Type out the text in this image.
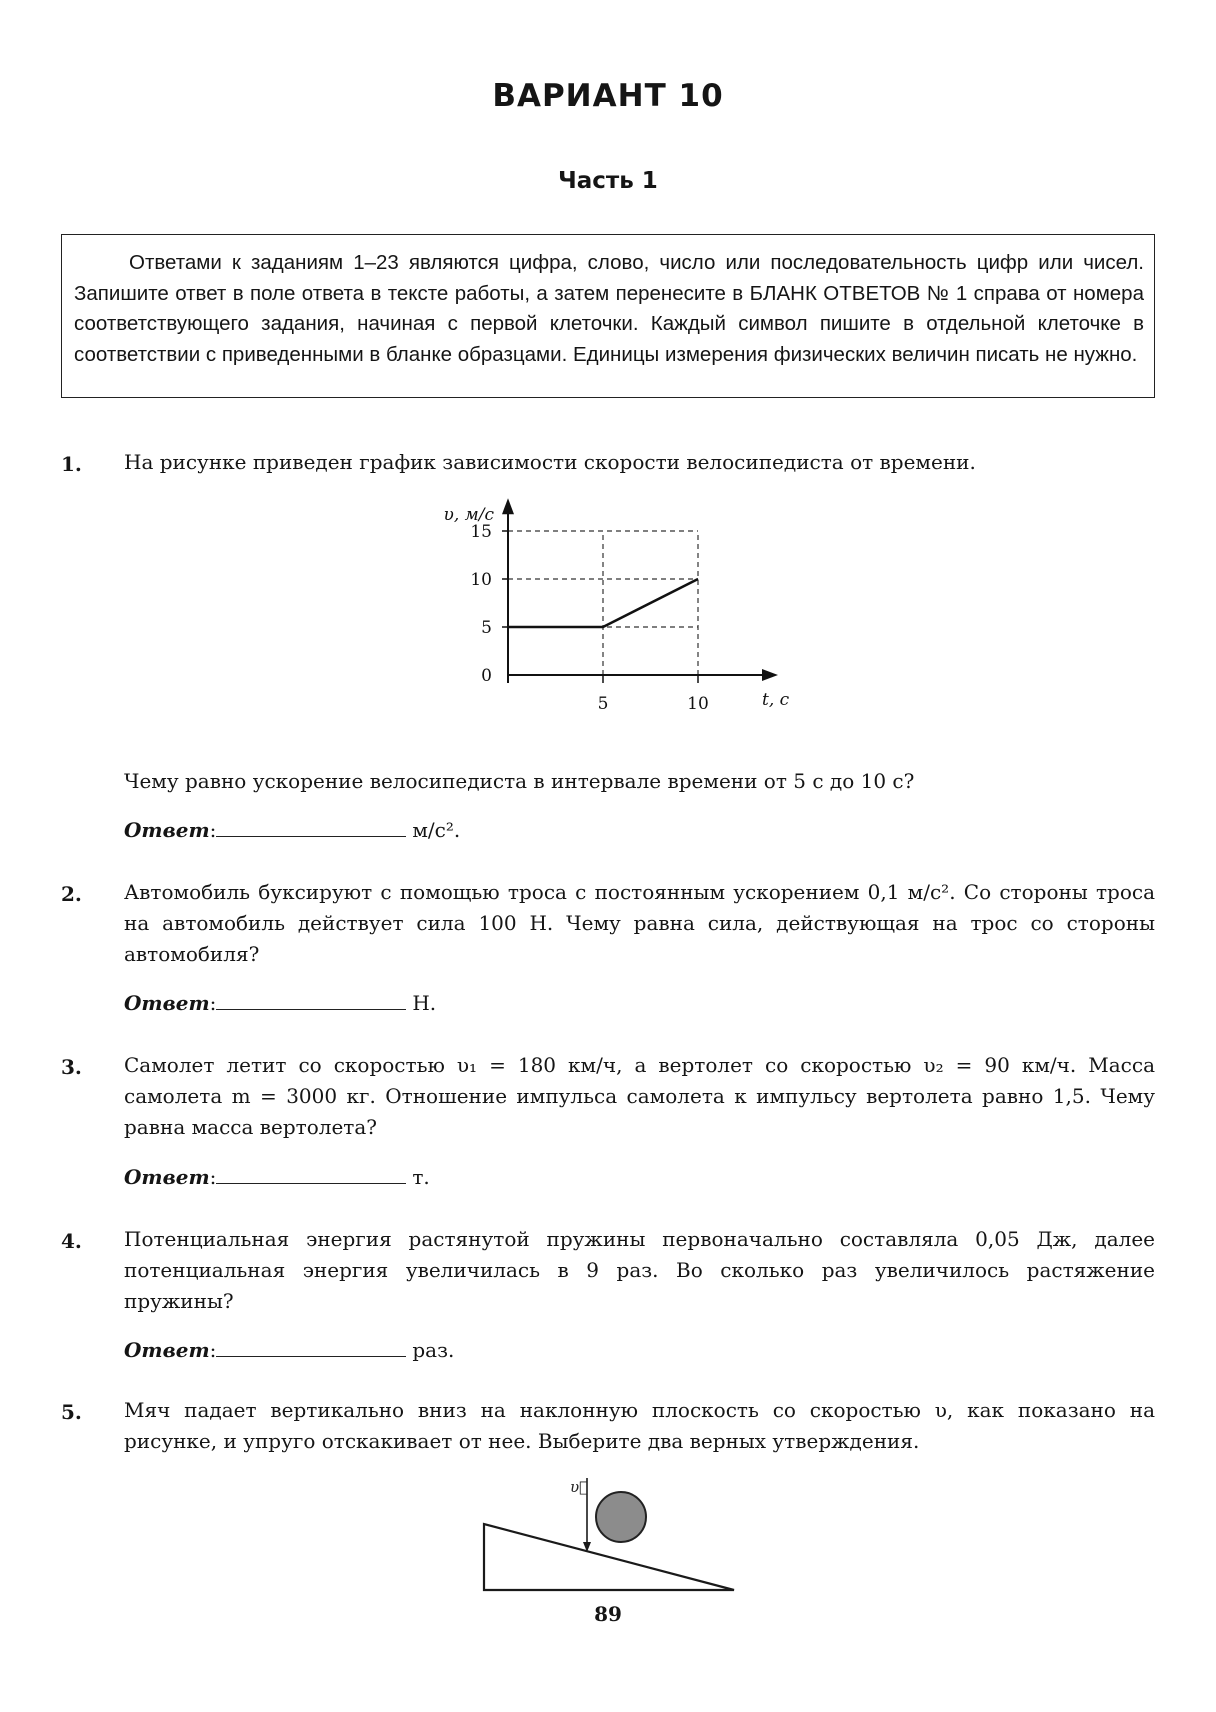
ВАРИАНТ 10
Часть 1
Ответами к заданиям 1–23 являются цифра, слово, число или последовательность цифр или чисел. Запишите ответ в поле ответа в тексте работы, а затем перенесите в БЛАНК ОТВЕТОВ № 1 справа от номера соответствующего задания, начиная с первой клеточки. Каждый символ пишите в отдельной клеточке в соответствии с приведенными в бланке образцами. Единицы измерения физических величин писать не нужно.
1. На рисунке приведен график зависимости скорости велосипедиста от времени.
0
5
10
15
5	10
υ, м/с
t, с
Чему равно ускорение велосипедиста в интервале времени от 5 с до 10 с?
Ответ:	м/с².
2. Автомобиль буксируют с помощью троса с постоянным ускорением 0,1 м/с². Со стороны троса на автомобиль действует сила 100 Н. Чему равна сила, действующая на трос со стороны автомобиля?
Ответ:	Н.
3. Самолет летит со скоростью υ₁ = 180 км/ч, а вертолет со скоростью υ₂ = 90 км/ч. Масса самолета m = 3000 кг. Отношение импульса самолета к импульсу вертолета равно 1,5. Чему равна масса вертолета?
Ответ:	т.
4. Потенциальная энергия растянутой пружины первоначально составляла 0,05 Дж, далее потенциальная энергия увеличилась в 9 раз. Во сколько раз увеличилось растяжение пружины?
Ответ:	раз.
5. Мяч падает вертикально вниз на наклонную плоскость со скоростью υ, как показано на рисунке, и упруго отскакивает от нее. Выберите два верных утверждения.
υ⃗
89
